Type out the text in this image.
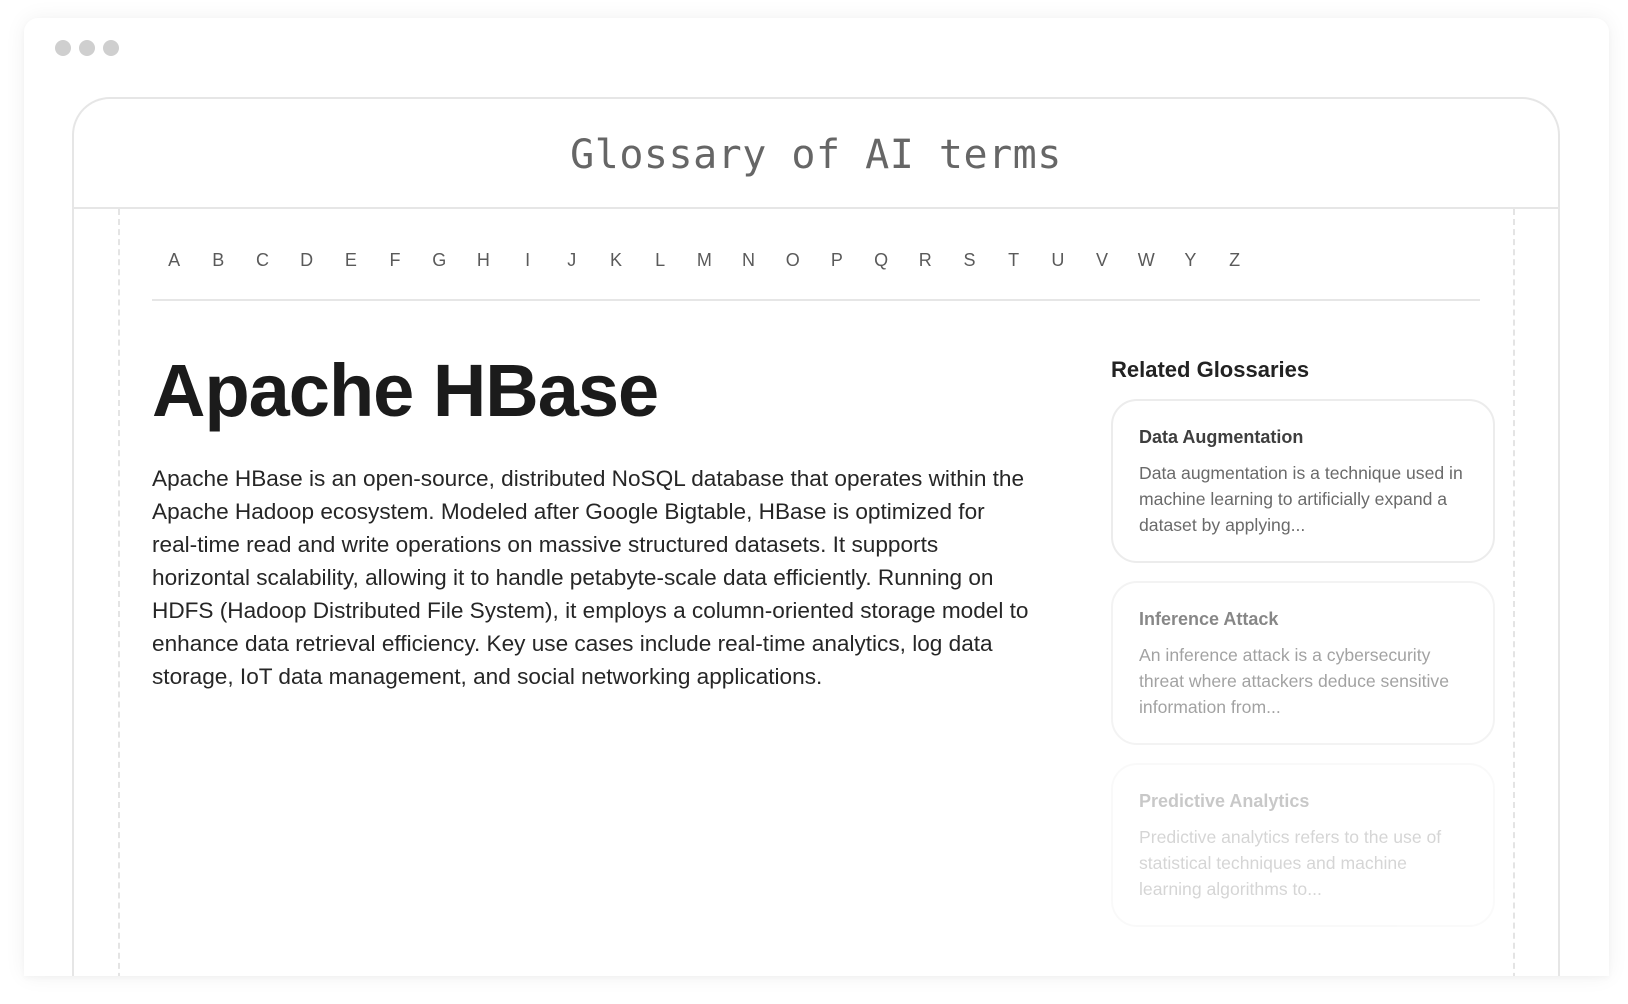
Glossary of AI terms
A	B	C	D	E	F	G	H	I	J	K	L	M	N	O	P	Q	R	S	T	U	V	W	Y	Z
Apache HBase

Apache HBase is an open-source, distributed NoSQL database that operates within the Apache Hadoop ecosystem. Modeled after Google Bigtable, HBase is optimized for real-time read and write operations on massive structured datasets. It supports horizontal scalability, allowing it to handle petabyte-scale data efficiently. Running on HDFS (Hadoop Distributed File System), it employs a column-oriented storage model to enhance data retrieval efficiency. Key use cases include real-time analytics, log data storage, IoT data management, and social networking applications.

Related Glossaries
Data Augmentation
Data augmentation is a technique used in machine learning to artificially expand a dataset by applying...
Inference Attack
An inference attack is a cybersecurity threat where attackers deduce sensitive information from...
Predictive Analytics
Predictive analytics refers to the use of statistical techniques and machine learning algorithms to...
